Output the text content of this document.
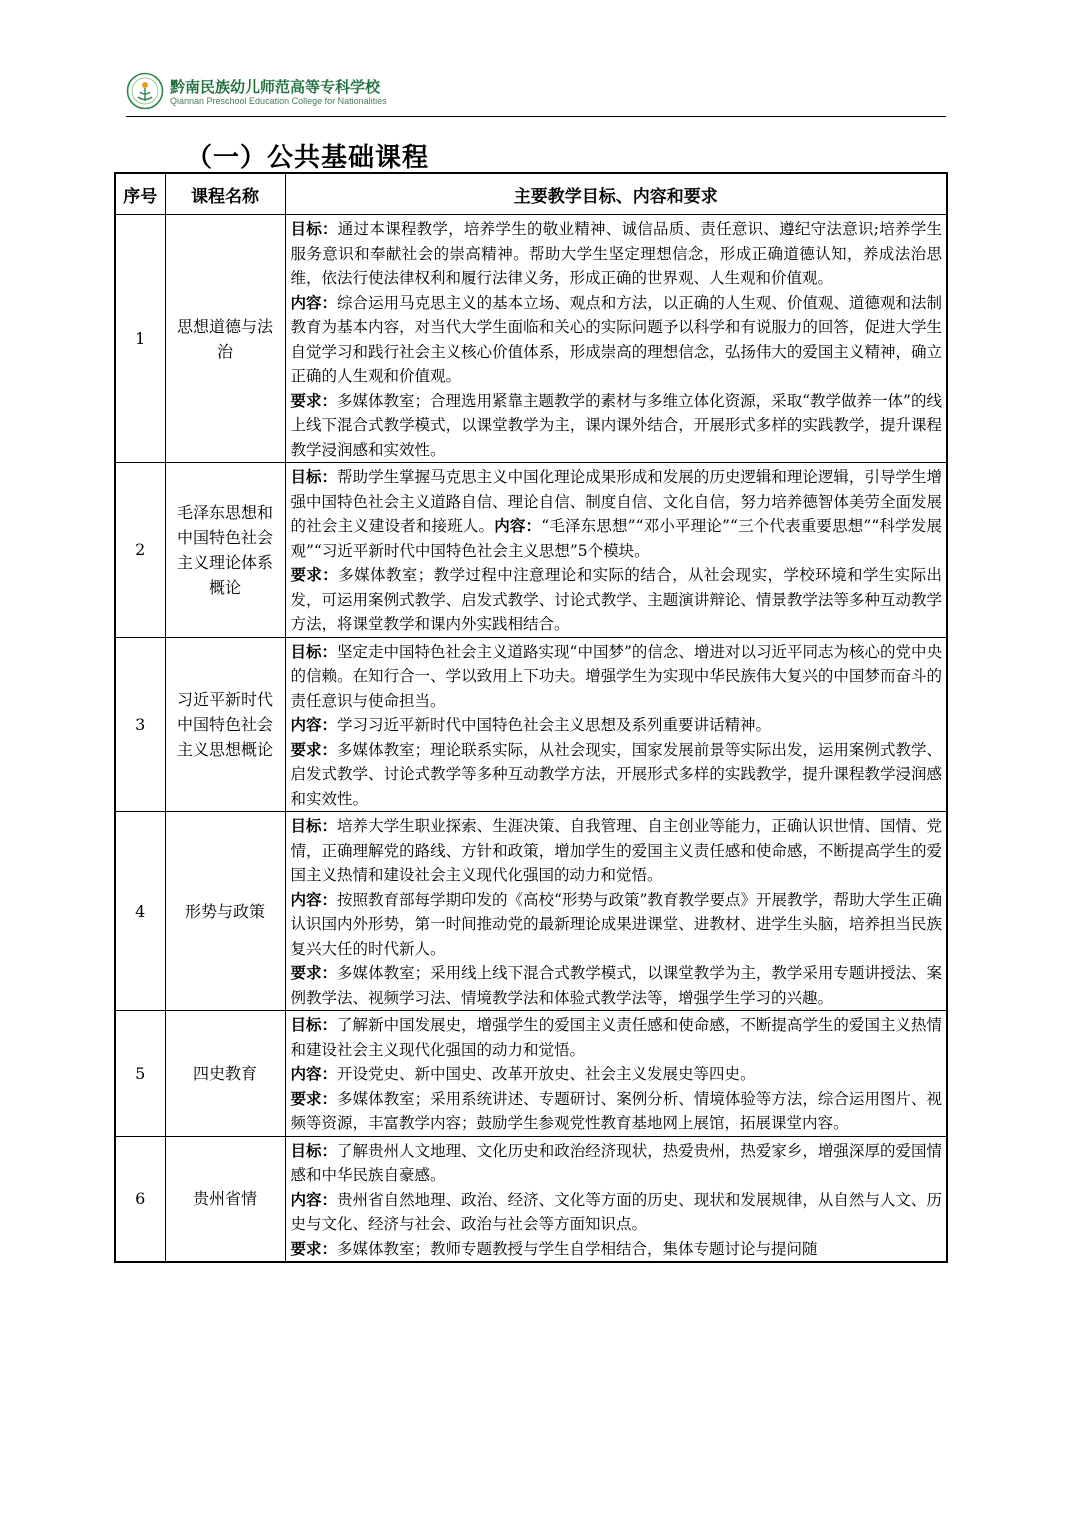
黔南民族幼儿师范高等专科学校
Qiannan Preschool Education College for Nationalities
（一）公共基础课程
序号	课程名称	主要教学目标、内容和要求
1	思想道德与法治	目标：通过本课程教学，培养学生的敬业精神、诚信品质、责任意识、遵纪守法意识;培养学生服务意识和奉献社会的崇高精神。帮助大学生坚定理想信念，形成正确道德认知，养成法治思维，依法行使法律权利和履行法律义务，形成正确的世界观、人生观和价值观。

内容：综合运用马克思主义的基本立场、观点和方法，以正确的人生观、价值观、道德观和法制教育为基本内容，对当代大学生面临和关心的实际问题予以科学和有说服力的回答，促进大学生自觉学习和践行社会主义核心价值体系，形成崇高的理想信念，弘扬伟大的爱国主义精神，确立正确的人生观和价值观。

要求：多媒体教室；合理选用紧靠主题教学的素材与多维立体化资源，采取“教学做养一体”的线上线下混合式教学模式，以课堂教学为主，课内课外结合，开展形式多样的实践教学，提升课程教学浸润感和实效性。

2	毛泽东思想和中国特色社会主义理论体系概论	目标：帮助学生掌握马克思主义中国化理论成果形成和发展的历史逻辑和理论逻辑，引导学生增强中国特色社会主义道路自信、理论自信、制度自信、文化自信，努力培养德智体美劳全面发展的社会主义建设者和接班人。内容：“毛泽东思想”“邓小平理论”“三个代表重要思想”“科学发展观”“习近平新时代中国特色社会主义思想”5个模块。

要求：多媒体教室；教学过程中注意理论和实际的结合，从社会现实，学校环境和学生实际出发，可运用案例式教学、启发式教学、讨论式教学、主题演讲辩论、情景教学法等多种互动教学方法，将课堂教学和课内外实践相结合。

3	习近平新时代中国特色社会主义思想概论	目标：坚定走中国特色社会主义道路实现“中国梦”的信念、增进对以习近平同志为核心的党中央的信赖。在知行合一、学以致用上下功夫。增强学生为实现中华民族伟大复兴的中国梦而奋斗的责任意识与使命担当。

内容：学习习近平新时代中国特色社会主义思想及系列重要讲话精神。

要求：多媒体教室；理论联系实际，从社会现实，国家发展前景等实际出发，运用案例式教学、启发式教学、讨论式教学等多种互动教学方法，开展形式多样的实践教学，提升课程教学浸润感和实效性。

4	形势与政策	目标：培养大学生职业探索、生涯决策、自我管理、自主创业等能力，正确认识世情、国情、党情，正确理解党的路线、方针和政策，增加学生的爱国主义责任感和使命感，不断提高学生的爱国主义热情和建设社会主义现代化强国的动力和觉悟。

内容：按照教育部每学期印发的《高校“形势与政策”教育教学要点》开展教学，帮助大学生正确认识国内外形势，第一时间推动党的最新理论成果进课堂、进教材、进学生头脑，培养担当民族复兴大任的时代新人。

要求：多媒体教室；采用线上线下混合式教学模式，以课堂教学为主，教学采用专题讲授法、案例教学法、视频学习法、情境教学法和体验式教学法等，增强学生学习的兴趣。

5	四史教育	目标：了解新中国发展史，增强学生的爱国主义责任感和使命感，不断提高学生的爱国主义热情和建设社会主义现代化强国的动力和觉悟。

内容：开设党史、新中国史、改革开放史、社会主义发展史等四史。

要求：多媒体教室；采用系统讲述、专题研讨、案例分析、情境体验等方法，综合运用图片、视频等资源，丰富教学内容；鼓励学生参观党性教育基地网上展馆，拓展课堂内容。

6	贵州省情	目标：了解贵州人文地理、文化历史和政治经济现状，热爱贵州，热爱家乡，增强深厚的爱国情感和中华民族自豪感。

内容：贵州省自然地理、政治、经济、文化等方面的历史、现状和发展规律，从自然与人文、历史与文化、经济与社会、政治与社会等方面知识点。

要求：多媒体教室；教师专题教授与学生自学相结合，集体专题讨论与提问随
